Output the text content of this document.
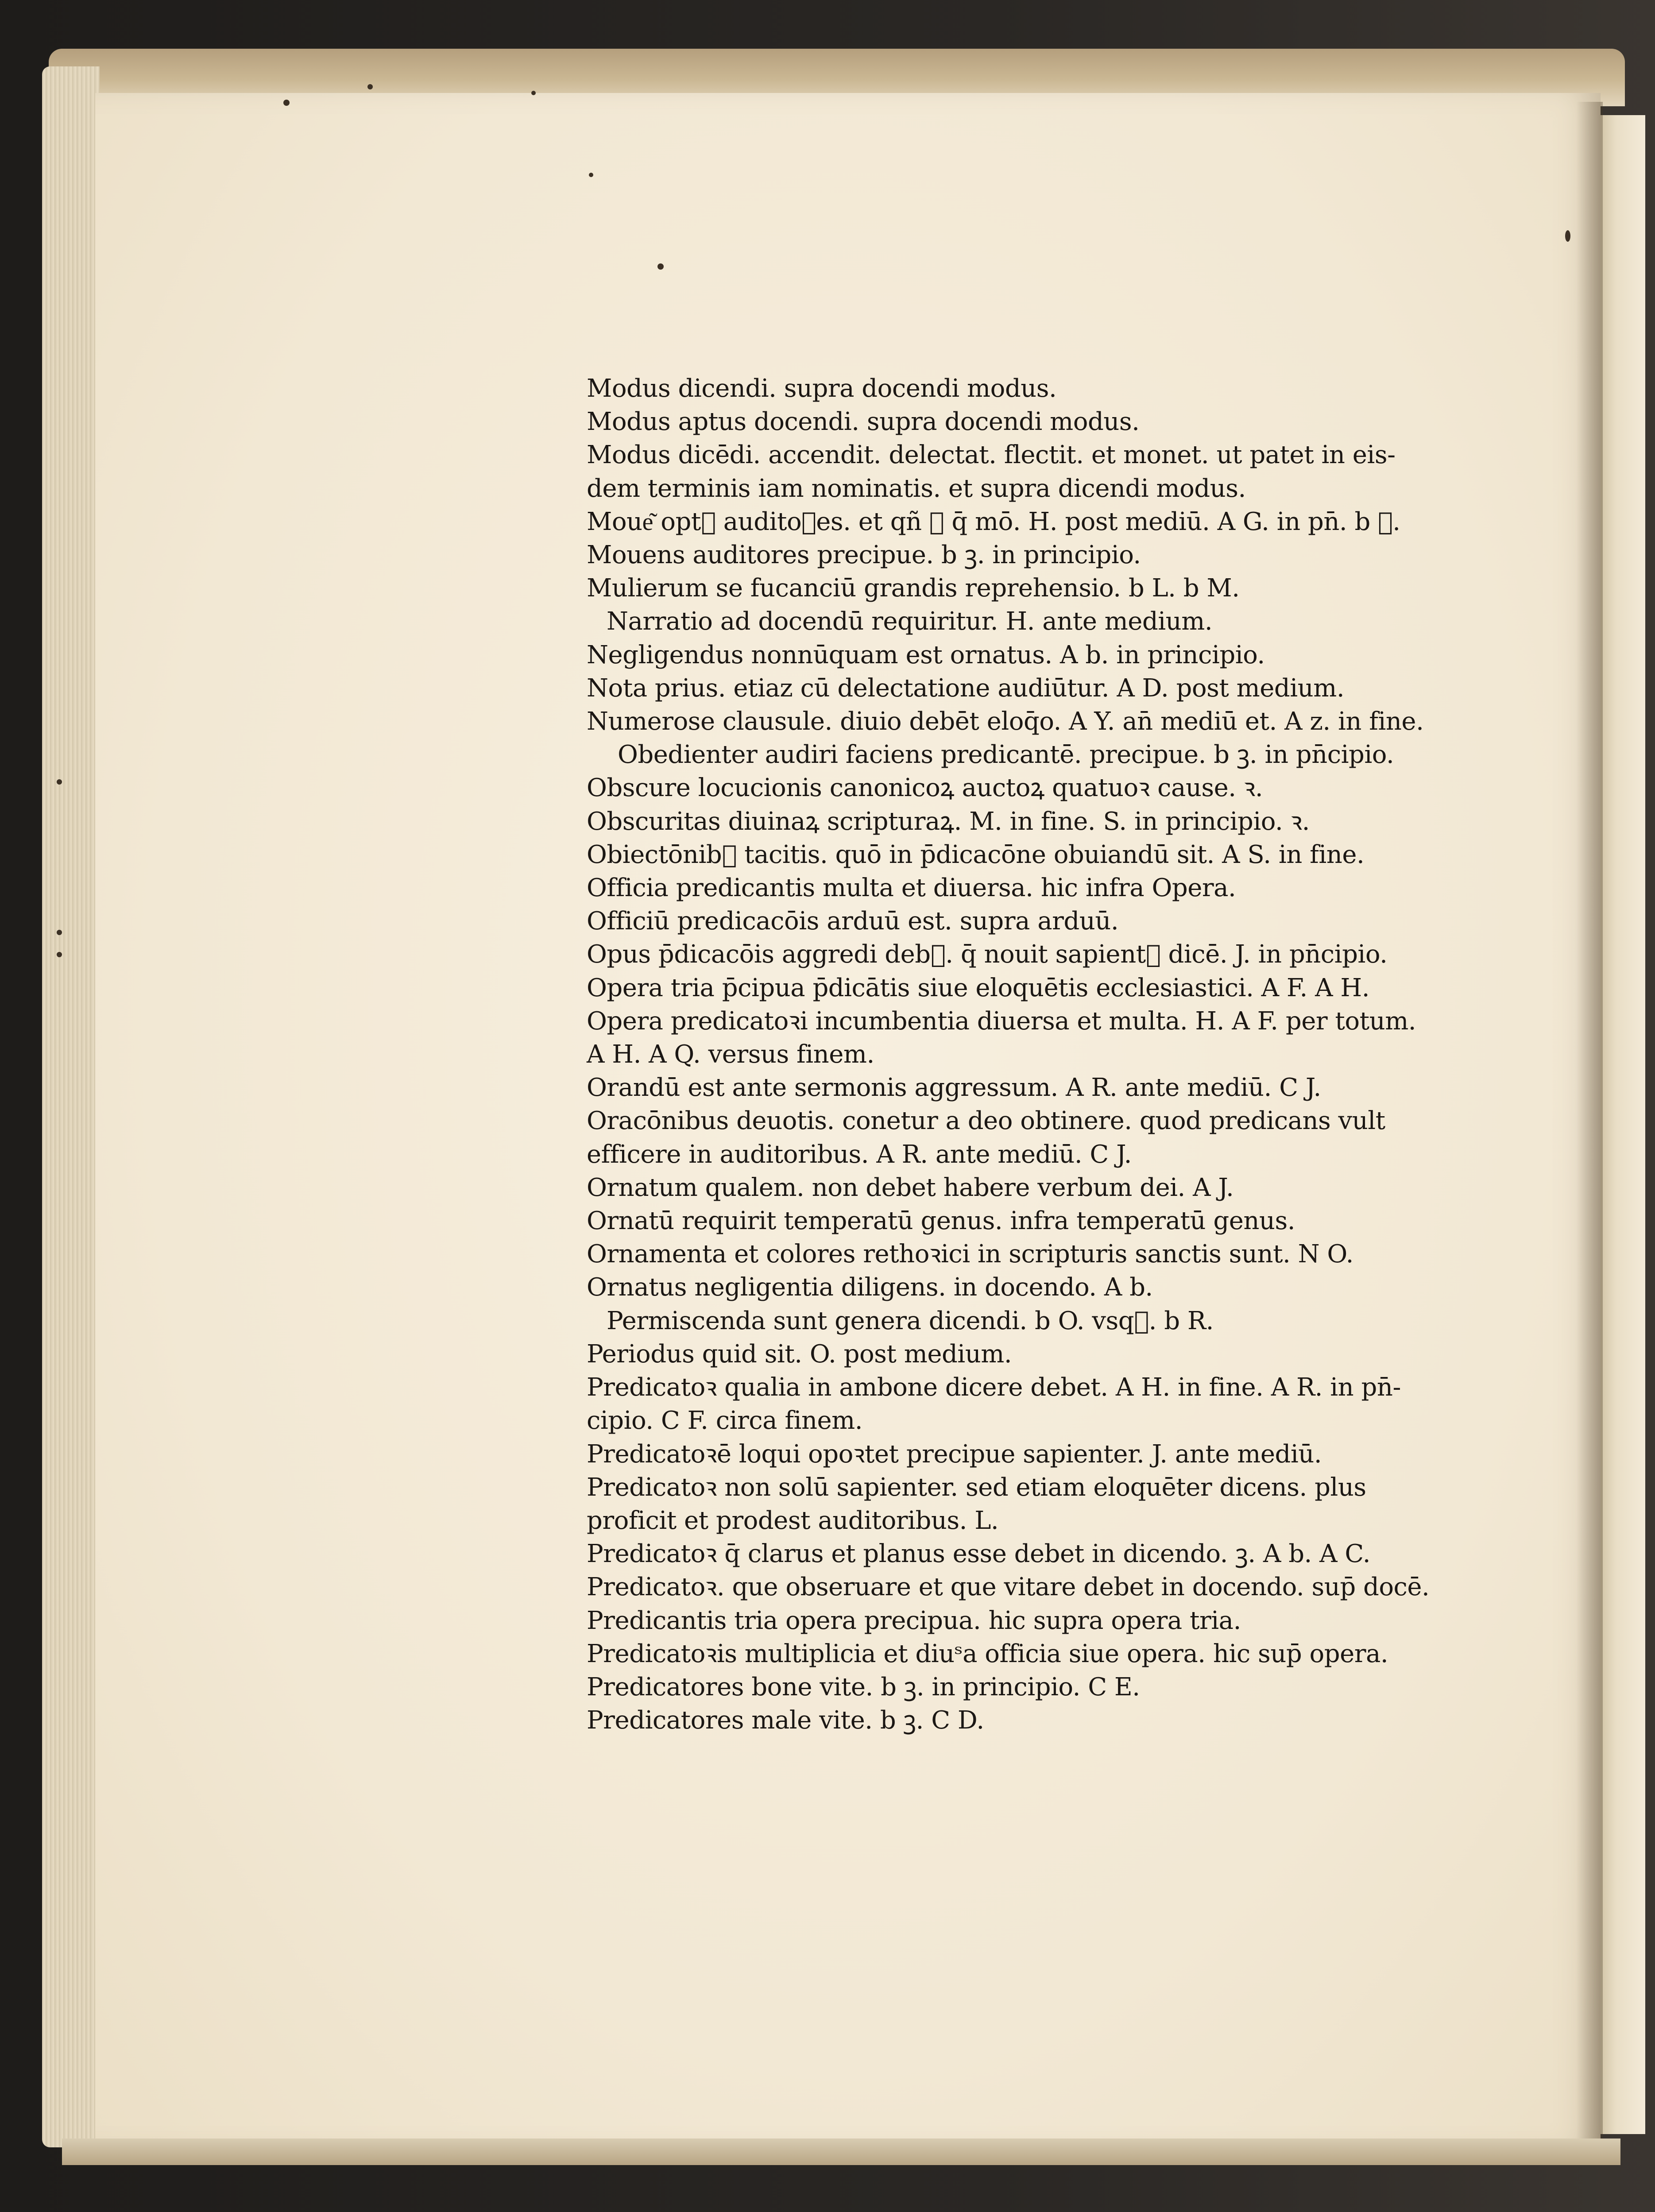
Modus dicendi. supra docendi modus.
Modus aptus docendi. supra docendi modus.
Modus dicēdi. accendit. delectat. flectit. et monet. ut patet in eis-
dem terminis iam nominatis. et supra dicendi modus.
Moue͂ opt᷑ auditoꝛes. et qñ ꝛ q̄ mō. H. post mediū. A G. in pn̄. b ꝛ.
Mouens auditores precipue. b ꝫ. in principio.
Mulierum se fucanciū grandis reprehensio. b L. b M.
Narratio ad docendū requiritur. H. ante medium.
Negligendus nonnūquam est ornatus. A b. in principio.
Nota prius. etiaz cū delectatione audiūtur. A D. post medium.
Numerose clausule. diuio debēt eloq̄o. A Y. an̄ mediū et. A z. in fine.
Obedienter audiri faciens predicantē. precipue. b ꝫ. in pn̄cipio.
Obscure locucionis canonicoꝝ auctoꝝ quatuoꝛ cause. ꝛ.
Obscuritas diuinaꝝ scripturaꝝ. M. in fine. S. in principio. ꝛ.
Obiectōnib᷑ tacitis. quō in p̄dicacōne obuiandū sit. A S. in fine.
Officia predicantis multa et diuersa. hic infra Opera.
Officiū predicacōis arduū est. supra arduū.
Opus p̄dicacōis aggredi deb᷑. q̄ nouit sapient᷑ dicē. J. in pn̄cipio.
Opera tria p̄cipua p̄dicātis siue eloquētis ecclesiastici. A F. A H.
Opera predicatoꝛi incumbentia diuersa et multa. H. A F. per totum.
A H. A Q. versus finem.
Orandū est ante sermonis aggressum. A R. ante mediū. C J.
Oracōnibus deuotis. conetur a deo obtinere. quod predicans vult
efficere in auditoribus. A R. ante mediū. C J.
Ornatum qualem. non debet habere verbum dei. A J.
Ornatū requirit temperatū genus. infra temperatū genus.
Ornamenta et colores rethoꝛici in scripturis sanctis sunt. N O.
Ornatus negligentia diligens. in docendo. A b.
Permiscenda sunt genera dicendi. b O. vsq᷑. b R.
Periodus quid sit. O. post medium.
Predicatoꝛ qualia in ambone dicere debet. A H. in fine. A R. in pn̄-
cipio. C F. circa finem.
Predicatoꝛē loqui opoꝛtet precipue sapienter. J. ante mediū.
Predicatoꝛ non solū sapienter. sed etiam eloquēter dicens. plus
proficit et prodest auditoribus. L.
Predicatoꝛ q̄ clarus et planus esse debet in dicendo. ꝫ. A b. A C.
Predicatoꝛ. que obseruare et que vitare debet in docendo. sup̄ docē.
Predicantis tria opera precipua. hic supra opera tria.
Predicatoꝛis multiplicia et diuˢa officia siue opera. hic sup̄ opera.
Predicatores bone vite. b ꝫ. in principio. C E.
Predicatores male vite. b ꝫ. C D.
